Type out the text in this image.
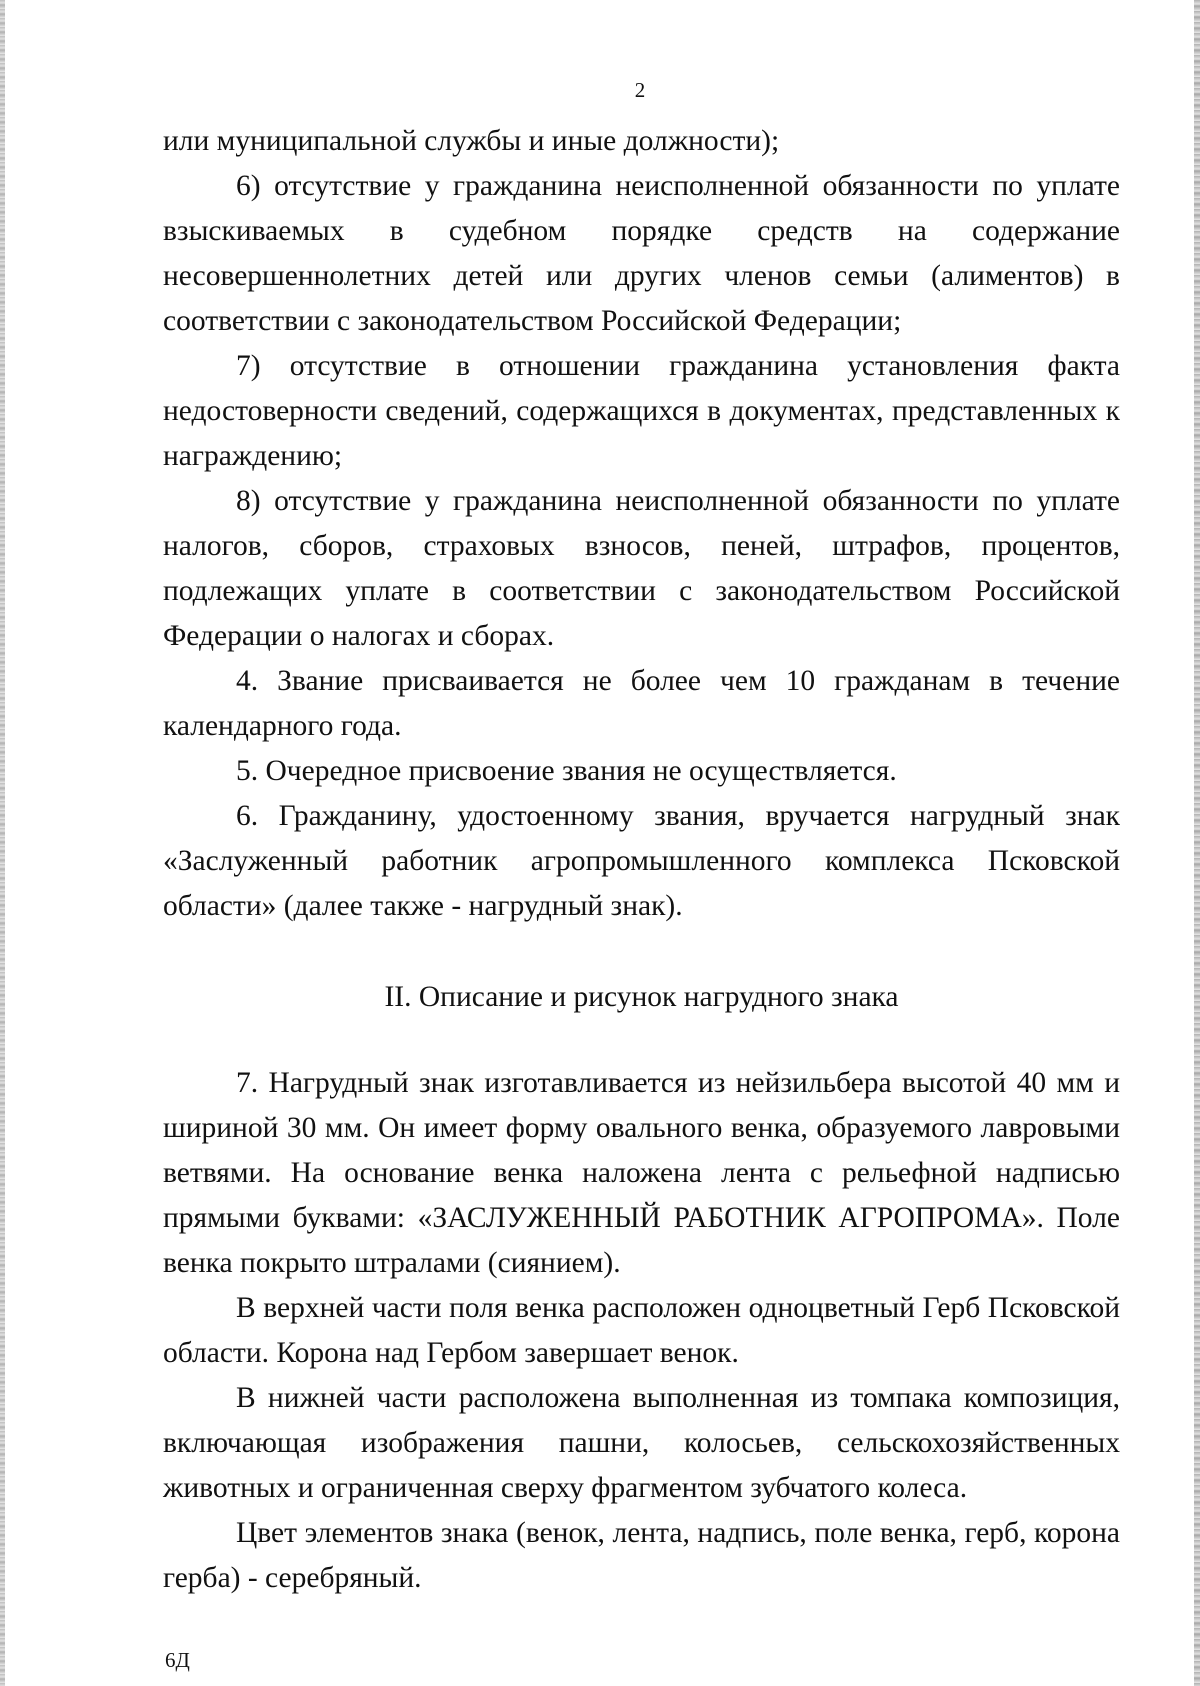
2

или муниципальной службы и иные должности);

6) отсутствие у гражданина неисполненной обязанности по уплате взыскиваемых в судебном порядке средств на содержание несовершеннолетних детей или других членов семьи (алиментов) в соответствии с законодательством Российской Федерации;

7) отсутствие в отношении гражданина установления факта недостоверности сведений, содержащихся в документах, представленных к награждению;

8) отсутствие у гражданина неисполненной обязанности по уплате налогов, сборов, страховых взносов, пеней, штрафов, процентов, подлежащих уплате в соответствии с законодательством Российской Федерации о налогах и сборах.

4. Звание присваивается не более чем 10 гражданам в течение календарного года.

5. Очередное присвоение звания не осуществляется.

6. Гражданину, удостоенному звания, вручается нагрудный знак «Заслуженный работник агропромышленного комплекса Псковской области» (далее также - нагрудный знак).

II. Описание и рисунок нагрудного знака

7. Нагрудный знак изготавливается из нейзильбера высотой 40 мм и шириной 30 мм. Он имеет форму овального венка, образуемого лавровыми ветвями. На основание венка наложена лента с рельефной надписью прямыми буквами: «ЗАСЛУЖЕННЫЙ РАБОТНИК АГРОПРОМА». Поле венка покрыто штралами (сиянием).

В верхней части поля венка расположен одноцветный Герб Псковской области. Корона над Гербом завершает венок.

В нижней части расположена выполненная из томпака композиция, включающая изображения пашни, колосьев, сельскохозяйственных животных и ограниченная сверху фрагментом зубчатого колеса.

Цвет элементов знака (венок, лента, надпись, поле венка, герб, корона герба) - серебряный.

6Д
